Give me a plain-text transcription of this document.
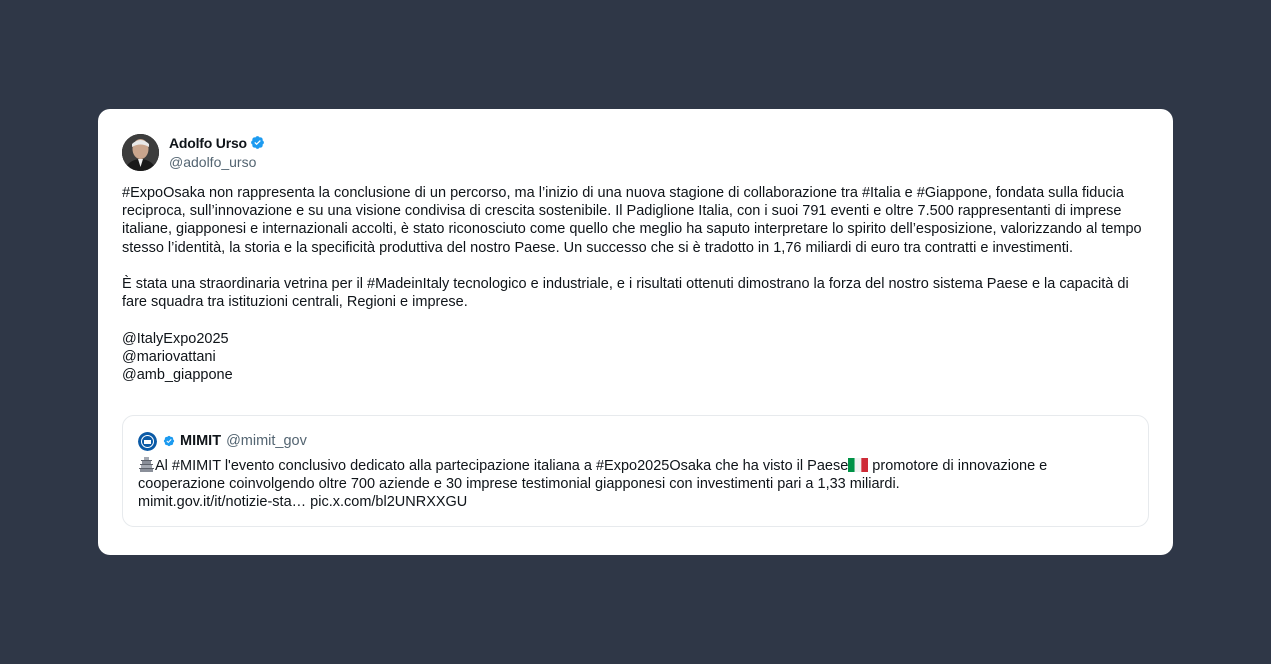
Adolfo Urso
@adolfo_urso

#ExpoOsaka non rappresenta la conclusione di un percorso, ma l’inizio di una nuova stagione di collaborazione tra #Italia e #Giappone, fondata sulla fiducia reciproca, sull’innovazione e su una visione condivisa di crescita sostenibile. Il Padiglione Italia, con i suoi 791 eventi e oltre 7.500 rappresentanti di imprese italiane, giapponesi e internazionali accolti, è stato riconosciuto come quello che meglio ha saputo interpretare lo spirito dell’esposizione, valorizzando al tempo stesso l’identità, la storia e la specificità produttiva del nostro Paese. Un successo che si è tradotto in 1,76 miliardi di euro tra contratti e investimenti.

È stata una straordinaria vetrina per il #MadeinItaly tecnologico e industriale, e i risultati ottenuti dimostrano la forza del nostro sistema Paese e la capacità di fare squadra tra istituzioni centrali, Regioni e imprese.

@ItalyExpo2025

@mariovattani

@amb_giappone

MIMIT @mimit_gov

Al #MIMIT l'evento conclusivo dedicato alla partecipazione italiana a #Expo2025Osaka che ha visto il Paese promotore di innovazione e cooperazione coinvolgendo oltre 700 aziende e 30 imprese testimonial giapponesi con investimenti pari a 1,33 miliardi.

mimit.gov.it/it/notizie-sta… pic.x.com/bl2UNRXXGU
